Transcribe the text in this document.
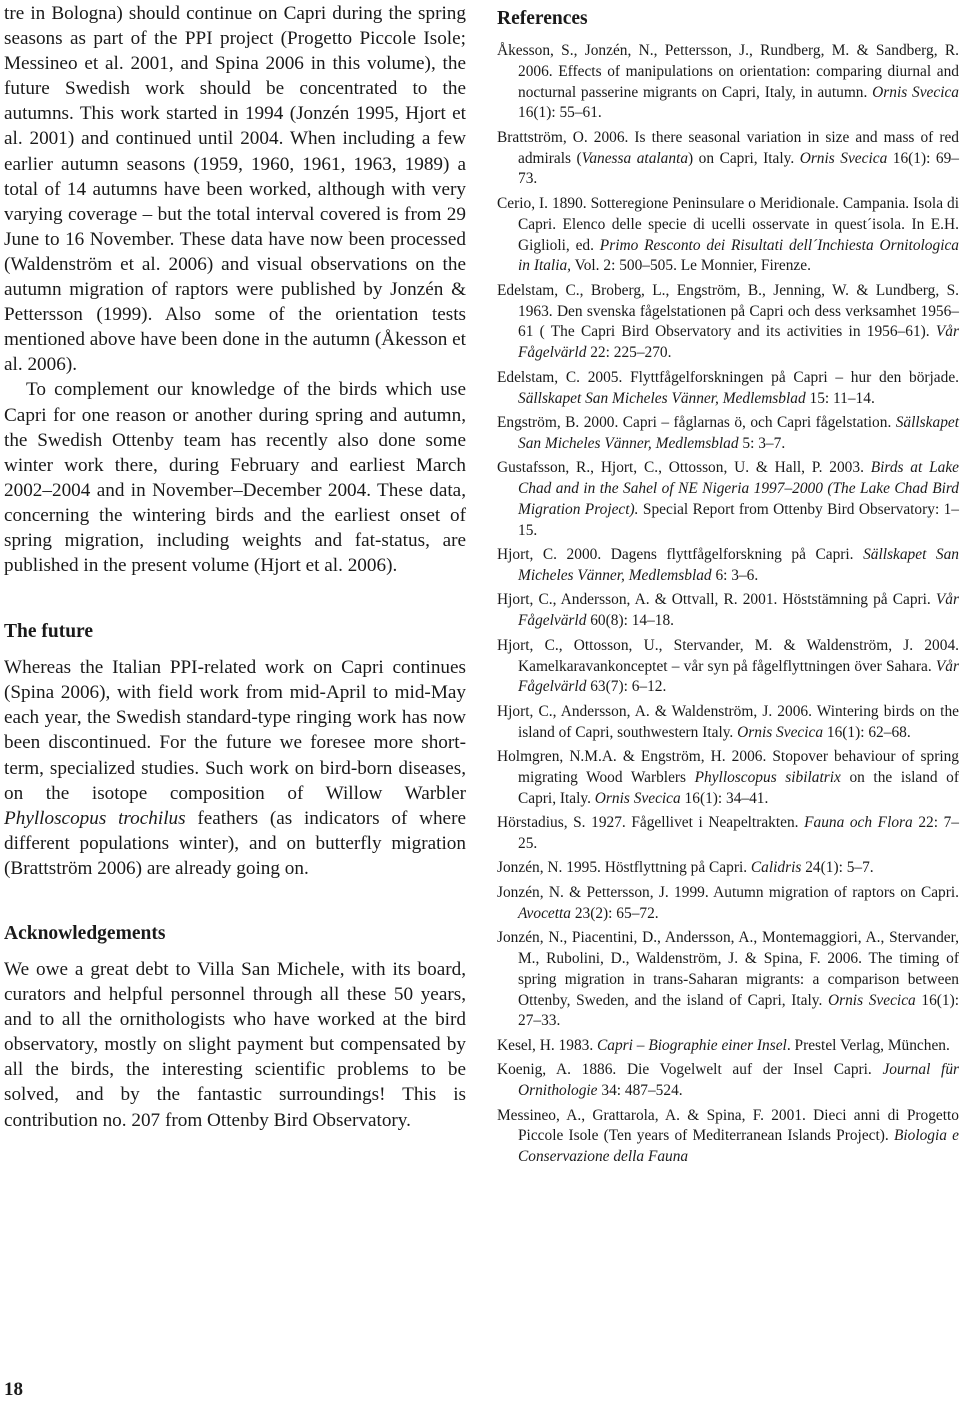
tre in Bologna) should continue on Capri during the spring seasons as part of the PPI project (Progetto Piccole Isole; Messineo et al. 2001, and Spina 2006 in this volume), the future Swedish work should be concentrated to the autumns. This work started in 1994 (Jonzén 1995, Hjort et al. 2001) and continued until 2004. When including a few earlier autumn seasons (1959, 1960, 1961, 1963, 1989) a total of 14 autumns have been worked, although with very varying coverage – but the total interval covered is from 29 June to 16 November. These data have now been processed (Waldenström et al. 2006) and visual observations on the autumn migration of raptors were published by Jonzén & Pettersson (1999). Also some of the orientation tests mentioned above have been done in the autumn (Åkesson et al. 2006).

To complement our knowledge of the birds which use Capri for one reason or another during spring and autumn, the Swedish Ottenby team has recently also done some winter work there, during February and earliest March 2002–2004 and in November–December 2004. These data, concerning the wintering birds and the earliest onset of spring migration, including weights and fat-status, are published in the present volume (Hjort et al. 2006).

The future

Whereas the Italian PPI-related work on Capri continues (Spina 2006), with field work from mid-April to mid-May each year, the Swedish standard-type ringing work has now been discontinued. For the future we foresee more short-term, specialized studies. Such work on bird-born diseases, on the isotope composition of Willow Warbler Phylloscopus trochilus feathers (as indicators of where different populations winter), and on butterfly migration (Brattström 2006) are already going on.

Acknowledgements

We owe a great debt to Villa San Michele, with its board, curators and helpful personnel through all these 50 years, and to all the ornithologists who have worked at the bird observatory, mostly on slight payment but compensated by all the birds, the interesting scientific problems to be solved, and by the fantastic surroundings! This is contribution no. 207 from Ottenby Bird Observatory.

References
Åkesson, S., Jonzén, N., Pettersson, J., Rundberg, M. & Sandberg, R. 2006. Effects of manipulations on orientation: comparing diurnal and nocturnal passerine migrants on Capri, Italy, in autumn. Ornis Svecica 16(1): 55–61.
Brattström, O. 2006. Is there seasonal variation in size and mass of red admirals (Vanessa atalanta) on Capri, Italy. Ornis Svecica 16(1): 69–73.
Cerio, I. 1890. Sotteregione Peninsulare o Meridionale. Campania. Isola di Capri. Elenco delle specie di ucelli osservate in quest´isola. In E.H. Giglioli, ed. Primo Resconto dei Risultati dell´Inchiesta Ornitologica in Italia, Vol. 2: 500–505. Le Monnier, Firenze.
Edelstam, C., Broberg, L., Engström, B., Jenning, W. & Lundberg, S. 1963. Den svenska fågelstationen på Capri och dess verksamhet 1956–61 ( The Capri Bird Observatory and its activities in 1956–61). Vår Fågelvärld 22: 225–270.
Edelstam, C. 2005. Flyttfågelforskningen på Capri – hur den började. Sällskapet San Micheles Vänner, Medlemsblad 15: 11–14.
Engström, B. 2000. Capri – fåglarnas ö, och Capri fågelstation. Sällskapet San Micheles Vänner, Medlemsblad 5: 3–7.
Gustafsson, R., Hjort, C., Ottosson, U. & Hall, P. 2003. Birds at Lake Chad and in the Sahel of NE Nigeria 1997–2000 (The Lake Chad Bird Migration Project). Special Report from Ottenby Bird Observatory: 1–15.
Hjort, C. 2000. Dagens flyttfågelforskning på Capri. Sällskapet San Micheles Vänner, Medlemsblad 6: 3–6.
Hjort, C., Andersson, A. & Ottvall, R. 2001. Höststämning på Capri. Vår Fågelvärld 60(8): 14–18.
Hjort, C., Ottosson, U., Stervander, M. & Waldenström, J. 2004. Kamelkaravankonceptet – vår syn på fågelflyttningen över Sahara. Vår Fågelvärld 63(7): 6–12.
Hjort, C., Andersson, A. & Waldenström, J. 2006. Wintering birds on the island of Capri, southwestern Italy. Ornis Svecica 16(1): 62–68.
Holmgren, N.M.A. & Engström, H. 2006. Stopover behaviour of spring migrating Wood Warblers Phylloscopus sibilatrix on the island of Capri, Italy. Ornis Svecica 16(1): 34–41.
Hörstadius, S. 1927. Fågellivet i Neapeltrakten. Fauna och Flora 22: 7–25.
Jonzén, N. 1995. Höstflyttning på Capri. Calidris 24(1): 5–7.
Jonzén, N. & Pettersson, J. 1999. Autumn migration of raptors on Capri. Avocetta 23(2): 65–72.
Jonzén, N., Piacentini, D., Andersson, A., Montemaggiori, A., Stervander, M., Rubolini, D., Waldenström, J. & Spina, F. 2006. The timing of spring migration in trans-Saharan migrants: a comparison between Ottenby, Sweden, and the island of Capri, Italy. Ornis Svecica 16(1): 27–33.
Kesel, H. 1983. Capri – Biographie einer Insel. Prestel Verlag, München.
Koenig, A. 1886. Die Vogelwelt auf der Insel Capri. Journal für Ornithologie 34: 487–524.
Messineo, A., Grattarola, A. & Spina, F. 2001. Dieci anni di Progetto Piccole Isole (Ten years of Mediterranean Islands Project). Biologia e Conservazione della Fauna

18
